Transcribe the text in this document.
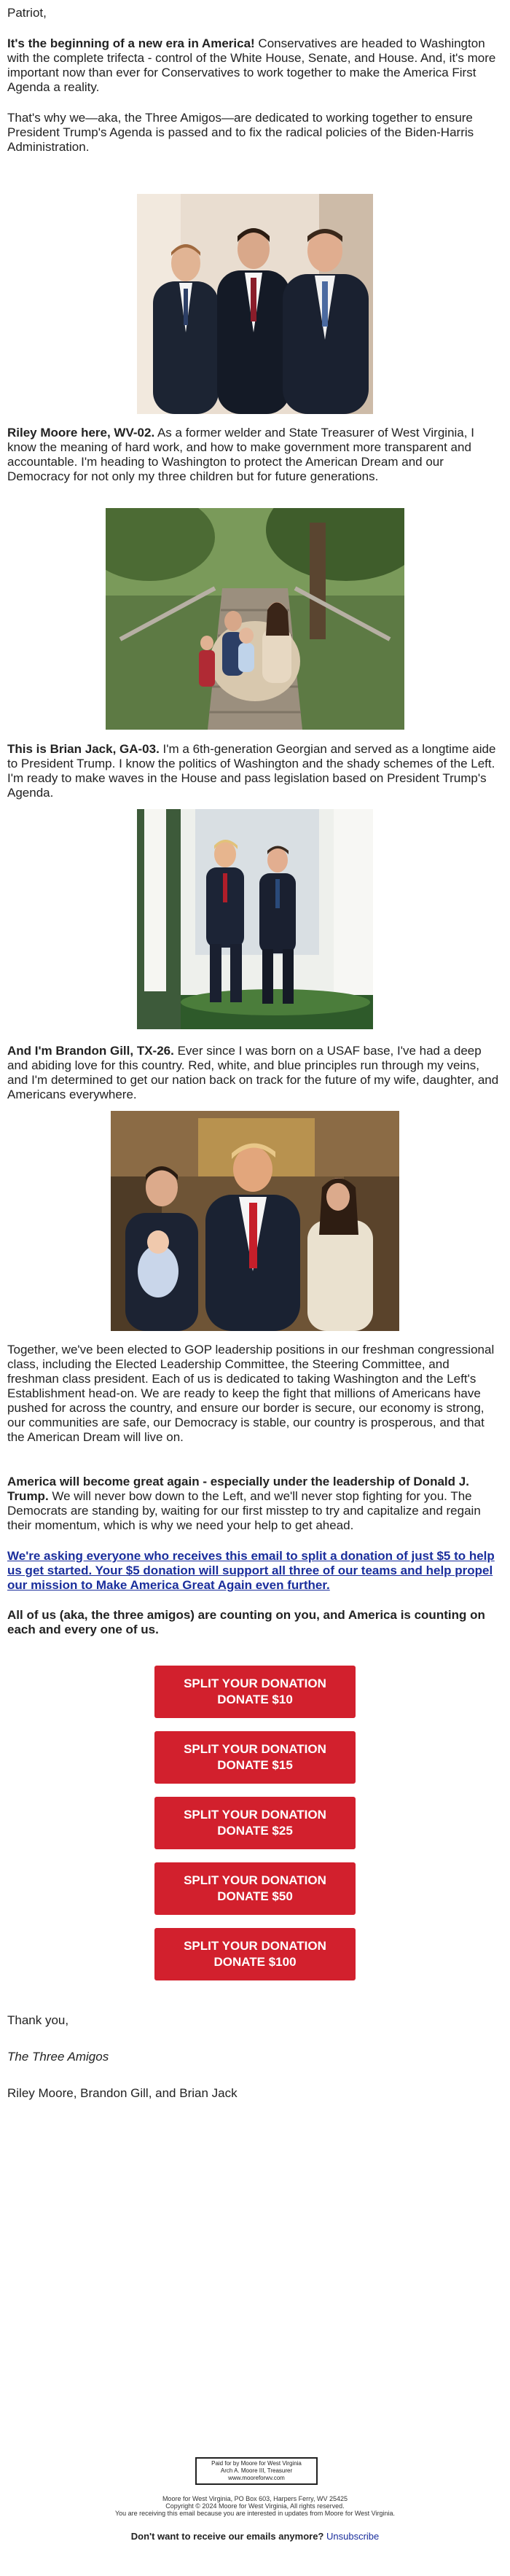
Patriot,

It's the beginning of a new era in America! Conservatives are headed to Washington with the complete trifecta - control of the White House, Senate, and House. And, it's more important now than ever for Conservatives to work together to make the America First Agenda a reality.

That's why we—aka, the Three Amigos—are dedicated to working together to ensure President Trump's Agenda is passed and to fix the radical policies of the Biden-Harris Administration.

Riley Moore here, WV-02. As a former welder and State Treasurer of West Virginia, I know the meaning of hard work, and how to make government more transparent and accountable. I'm heading to Washington to protect the American Dream and our Democracy for not only my three children but for future generations.

This is Brian Jack, GA-03. I'm a 6th-generation Georgian and served as a longtime aide to President Trump. I know the politics of Washington and the shady schemes of the Left. I'm ready to make waves in the House and pass legislation based on President Trump's Agenda.

And I'm Brandon Gill, TX-26. Ever since I was born on a USAF base, I've had a deep and abiding love for this country. Red, white, and blue principles run through my veins, and I'm determined to get our nation back on track for the future of my wife, daughter, and Americans everywhere.

Together, we've been elected to GOP leadership positions in our freshman congressional class, including the Elected Leadership Committee, the Steering Committee, and freshman class president. Each of us is dedicated to taking Washington and the Left's Establishment head-on. We are ready to keep the fight that millions of Americans have pushed for across the country, and ensure our border is secure, our economy is strong, our communities are safe, our Democracy is stable, our country is prosperous, and that the American Dream will live on.

America will become great again - especially under the leadership of Donald J. Trump. We will never bow down to the Left, and we'll never stop fighting for you. The Democrats are standing by, waiting for our first misstep to try and capitalize and regain their momentum, which is why we need your help to get ahead.

We're asking everyone who receives this email to split a donation of just $5 to help us get started. Your $5 donation will support all three of our teams and help propel our mission to Make America Great Again even further.

All of us (aka, the three amigos) are counting on you, and America is counting on each and every one of us.

SPLIT YOUR DONATION
DONATE $10
SPLIT YOUR DONATION
DONATE $15
SPLIT YOUR DONATION
DONATE $25
SPLIT YOUR DONATION
DONATE $50
SPLIT YOUR DONATION
DONATE $100

Thank you,

The Three Amigos

Riley Moore, Brandon Gill, and Brian Jack

Paid for by Moore for West Virginia
Arch A. Moore III, Treasurer
www.mooreforwv.com

Moore for West Virginia, PO Box 603, Harpers Ferry, WV 25425

Copyright © 2024 Moore for West Virginia, All rights reserved.

You are receiving this email because you are interested in updates from Moore for West Virginia.

Don't want to receive our emails anymore? Unsubscribe
